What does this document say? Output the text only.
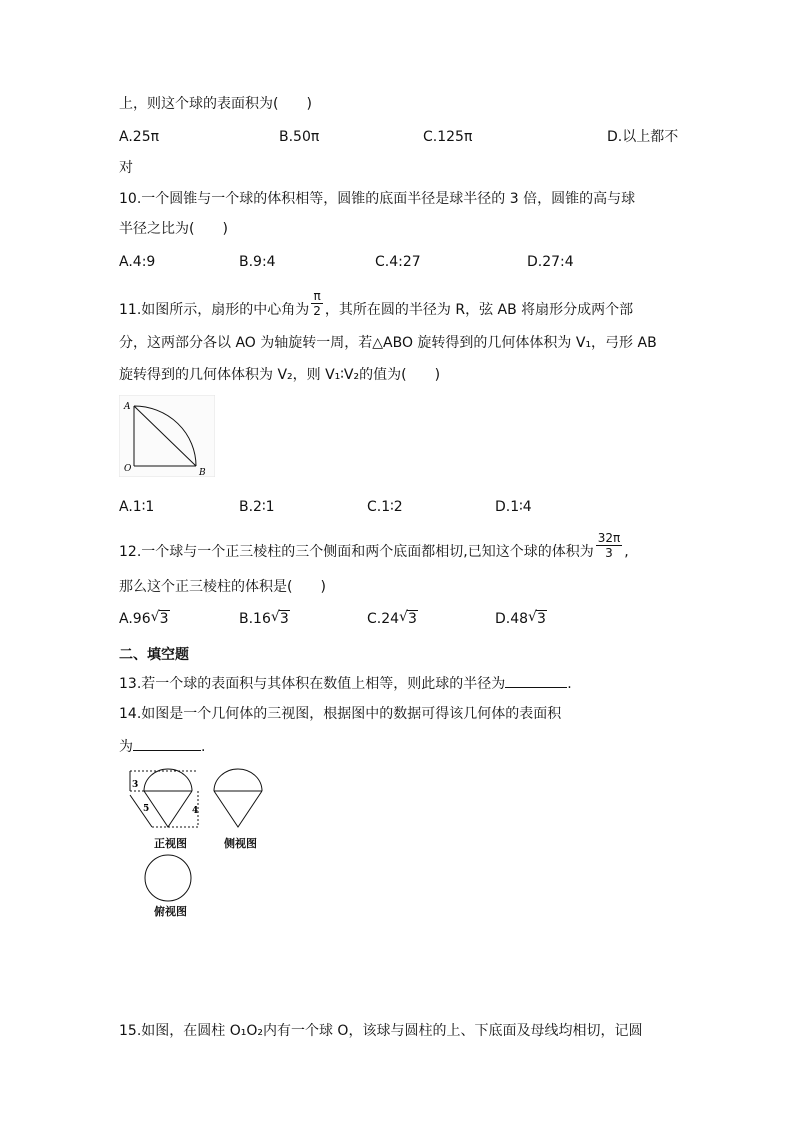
上，则这个球的表面积为(　　)
A.25π	B.50π	C.125π	D.以上都不
对
10.一个圆锥与一个球的体积相等，圆锥的底面半径是球半径的 3 倍，圆锥的高与球
半径之比为(　　)
A.4:9	B.9:4	C.4:27	D.27:4
11.如图所示，扇形的中心角为 $\frac{\pi}{2}$ ，其所在圆的半径为 R，弦 AB 将扇形分成两个部
分，这两部分各以 AO 为轴旋转一周，若△ABO 旋转得到的几何体体积为 V₁，弓形 AB
旋转得到的几何体体积为 V₂，则 V₁∶V₂的值为(　　)
A
O	B
A.1∶1	B.2∶1	C.1∶2	D.1∶4
12.一个球与一个正三棱柱的三个侧面和两个底面都相切,已知这个球的体积为 $\frac{32\pi}{3}$ ,
那么这个正三棱柱的体积是(　　)
A.96 √ 3	B.16 √ 3	C.24 √ 3	D.48 √ 3
二、填空题
13.若一个球的表面积与其体积在数值上相等，则此球的半径为	.
14.如图是一个几何体的三视图，根据图中的数据可得该几何体的表面积
为	.
3
5	4
正视图	侧视图
俯视图
15.如图，在圆柱 O₁O₂内有一个球 O，该球与圆柱的上、下底面及母线均相切，记圆
